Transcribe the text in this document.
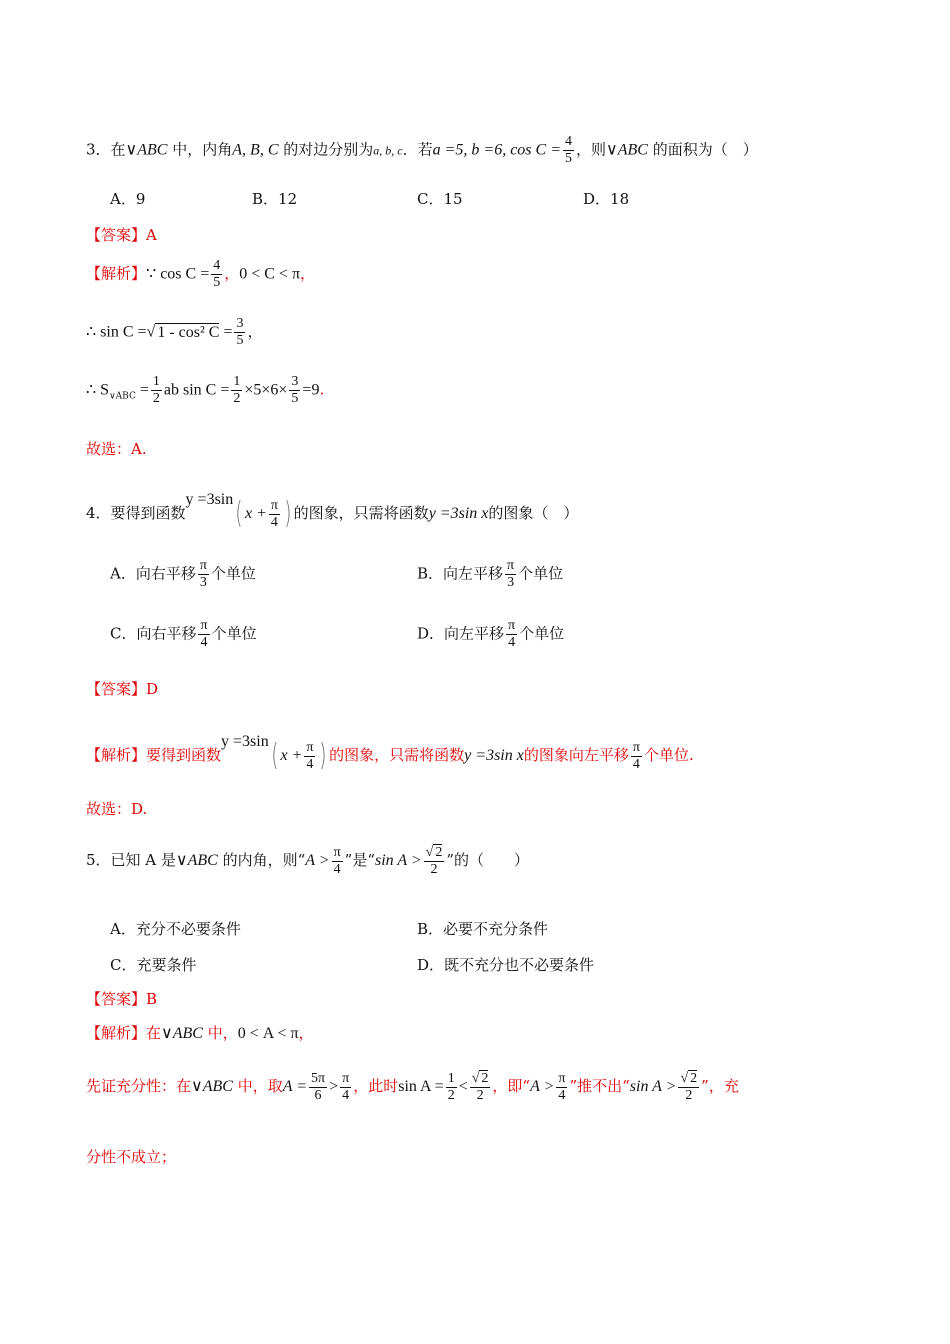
3．在∨ABC 中，内角A, B, C 的对边分别为a, b, c．若a =5, b =6, $\cos C = \frac{4}{5}$ ，则∨ABC 的面积为（　）
A．9	B．12	C．15	D．18
【答案】A
【解析】∵ $\cos C = \frac{4}{5}$ ，0 < C < π，
∴ sin C =√ 1 - cos² $C = \frac{3}{5}$ ，
∴ $S_{\vee ABC} = \frac{1}{2}$ ab $\sin C = \frac{1}{2} \times 5\times 6\times \frac{3}{5} =9$.
故选：A.
4．要得到函数y =3sin( $x + \frac{\pi}{4}$ ) 的图象，只需将函数y =3sin x的图象（　）
A．向右平移 $\frac{\pi}{3}$ 个单位	B．向左平移 $\frac{\pi}{3}$ 个单位
C．向右平移 $\frac{\pi}{4}$ 个单位	D．向左平移 $\frac{\pi}{4}$ 个单位
【答案】D
【解析】要得到函数y =3sin( $x + \frac{\pi}{4}$ ) 的图象，只需将函数y =3sin x的图象向左平移 $\frac{\pi}{4}$ 个单位.
故选：D.
5．已知 A 是∨ABC 的内角，则“$A > \frac{\pi}{4}$ ”是“sin $A > \frac{√ 2}{2}$ ”的（　　）
A．充分不必要条件	B．必要不充分条件
C．充要条件	D．既不充分也不必要条件
【答案】B
【解析】在∨ABC 中，0 < A < π，
先证充分性：在∨ABC 中，取$A = \frac{5\pi}{6} > \frac{\pi}{4}$ ，此时$\sin A = \frac{1}{2} < \frac{√ 2}{2}$ ，即“$A > \frac{\pi}{4}$ ”推不出“sin $A > \frac{√ 2}{2}$ ”，充
分性不成立；
